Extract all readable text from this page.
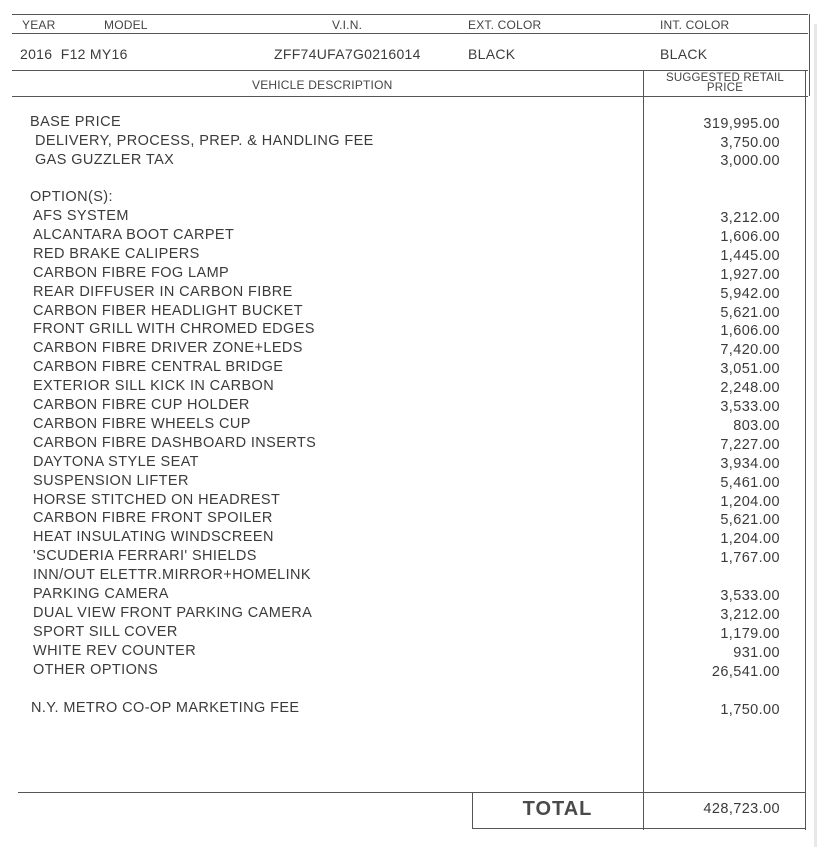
YEAR	MODEL	V.I.N.	EXT. COLOR	INT. COLOR
2016  F12 MY16	ZFF74UFA7G0216014	BLACK	BLACK
VEHICLE DESCRIPTION	SUGGESTED RETAIL
PRICE
BASE PRICE	319,995.00
DELIVERY, PROCESS, PREP. & HANDLING FEE	3,750.00
GAS GUZZLER TAX	3,000.00
OPTION(S):
AFS SYSTEM	3,212.00
ALCANTARA BOOT CARPET	1,606.00
RED BRAKE CALIPERS	1,445.00
CARBON FIBRE FOG LAMP	1,927.00
REAR DIFFUSER IN CARBON FIBRE	5,942.00
CARBON FIBER HEADLIGHT BUCKET	5,621.00
FRONT GRILL WITH CHROMED EDGES	1,606.00
CARBON FIBRE DRIVER ZONE+LEDS	7,420.00
CARBON FIBRE CENTRAL BRIDGE	3,051.00
EXTERIOR SILL KICK IN CARBON	2,248.00
CARBON FIBRE CUP HOLDER	3,533.00
CARBON FIBRE WHEELS CUP	803.00
CARBON FIBRE DASHBOARD INSERTS	7,227.00
DAYTONA STYLE SEAT	3,934.00
SUSPENSION LIFTER	5,461.00
HORSE STITCHED ON HEADREST	1,204.00
CARBON FIBRE FRONT SPOILER	5,621.00
HEAT INSULATING WINDSCREEN	1,204.00
'SCUDERIA FERRARI' SHIELDS	1,767.00
INN/OUT ELETTR.MIRROR+HOMELINK
PARKING CAMERA	3,533.00
DUAL VIEW FRONT PARKING CAMERA	3,212.00
SPORT SILL COVER	1,179.00
WHITE REV COUNTER	931.00
OTHER OPTIONS	26,541.00
N.Y. METRO CO-OP MARKETING FEE	1,750.00
TOTAL	428,723.00
